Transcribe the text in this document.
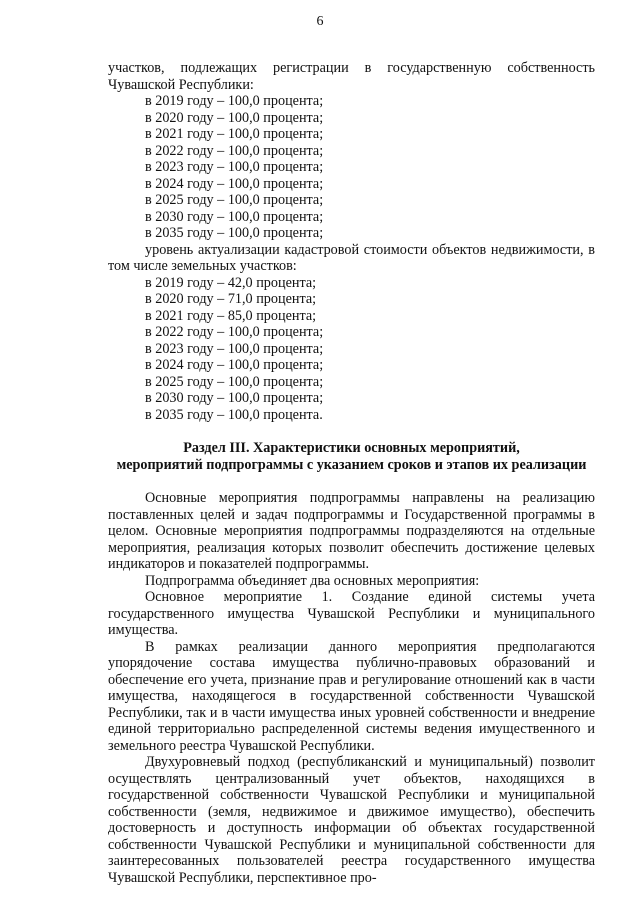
6

участков, подлежащих регистрации в государственную собственность Чувашской Республики:

в 2019 году – 100,0 процента;
в 2020 году – 100,0 процента;
в 2021 году – 100,0 процента;
в 2022 году – 100,0 процента;
в 2023 году – 100,0 процента;
в 2024 году – 100,0 процента;
в 2025 году – 100,0 процента;
в 2030 году – 100,0 процента;
в 2035 году – 100,0 процента;

уровень актуализации кадастровой стоимости объектов недвижимости, в том числе земельных участков:

в 2019 году – 42,0 процента;
в 2020 году – 71,0 процента;
в 2021 году – 85,0 процента;
в 2022 году – 100,0 процента;
в 2023 году – 100,0 процента;
в 2024 году – 100,0 процента;
в 2025 году – 100,0 процента;
в 2030 году – 100,0 процента;
в 2035 году – 100,0 процента.

Раздел III. Характеристики основных мероприятий,

мероприятий подпрограммы с указанием сроков и этапов их реализации

Основные мероприятия подпрограммы направлены на реализацию поставленных целей и задач подпрограммы и Государственной программы в целом. Основные мероприятия подпрограммы подразделяются на отдельные мероприятия, реализация которых позволит обеспечить достижение целевых индикаторов и показателей подпрограммы.

Подпрограмма объединяет два основных мероприятия:

Основное мероприятие 1. Создание единой системы учета государственного имущества Чувашской Республики и муниципального имущества.

В рамках реализации данного мероприятия предполагаются упорядочение состава имущества публично-правовых образований и обеспечение его учета, признание прав и регулирование отношений как в части имущества, находящегося в государственной собственности Чувашской Республики, так и в части имущества иных уровней собственности и внедрение единой территориально распределенной системы ведения имущественного и земельного реестра Чувашской Республики.

Двухуровневый подход (республиканский и муниципальный) позволит осуществлять централизованный учет объектов, находящихся в государственной собственности Чувашской Республики и муниципальной собственности (земля, недвижимое и движимое имущество), обеспечить достоверность и доступность информации об объектах государственной собственности Чувашской Республики и муниципальной собственности для заинтересованных пользователей реестра государственного имущества Чувашской Республики, перспективное про-
